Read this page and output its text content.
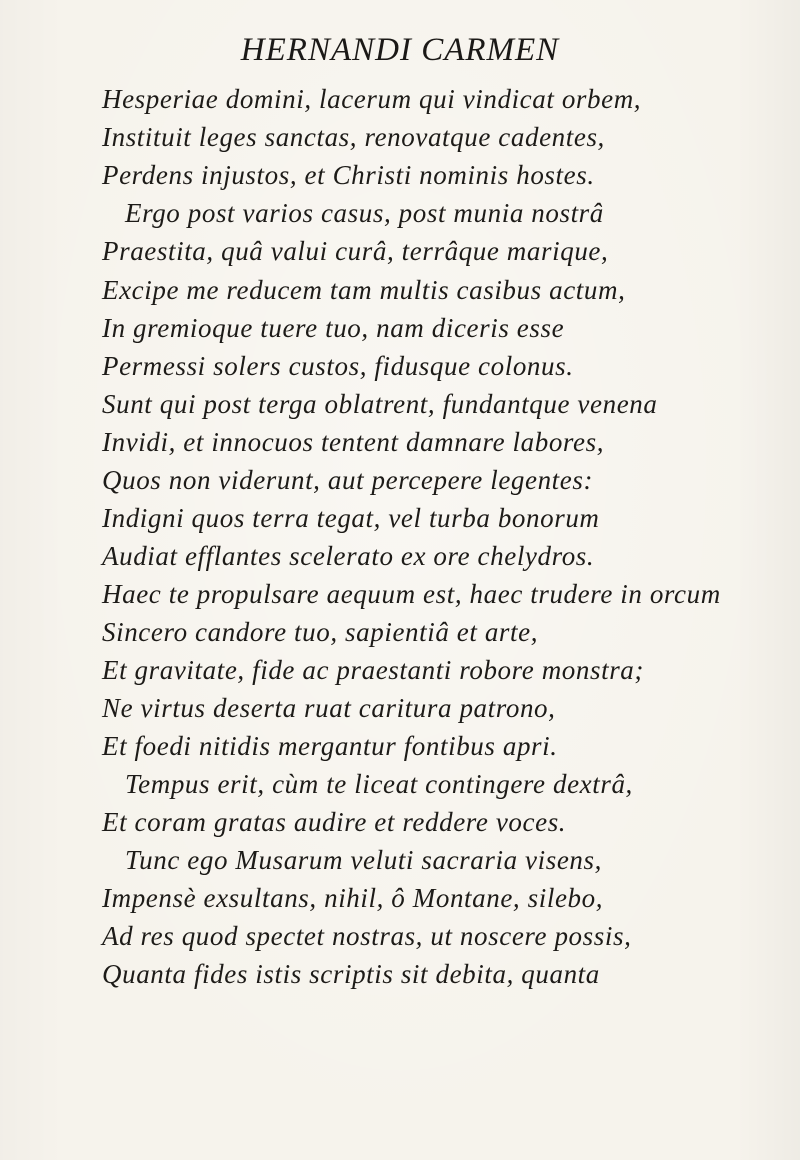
HERNANDI CARMEN
Hesperiae domini, lacerum qui vindicat orbem,
Instituit leges sanctas, renovatque cadentes,
Perdens injustos, et Christi nominis hostes.
Ergo post varios casus, post munia nostrâ
Praestita, quâ valui curâ, terrâque marique,
Excipe me reducem tam multis casibus actum,
In gremioque tuere tuo, nam diceris esse
Permessi solers custos, fidusque colonus.
Sunt qui post terga oblatrent, fundantque venena
Invidi, et innocuos tentent damnare labores,
Quos non viderunt, aut percepere legentes:
Indigni quos terra tegat, vel turba bonorum
Audiat efflantes scelerato ex ore chelydros.
Haec te propulsare aequum est, haec trudere in orcum
Sincero candore tuo, sapientiâ et arte,
Et gravitate, fide ac praestanti robore monstra;
Ne virtus deserta ruat caritura patrono,
Et foedi nitidis mergantur fontibus apri.
Tempus erit, cùm te liceat contingere dextrâ,
Et coram gratas audire et reddere voces.
Tunc ego Musarum veluti sacraria visens,
Impensè exsultans, nihil, ô Montane, silebo,
Ad res quod spectet nostras, ut noscere possis,
Quanta fides istis scriptis sit debita, quanta
